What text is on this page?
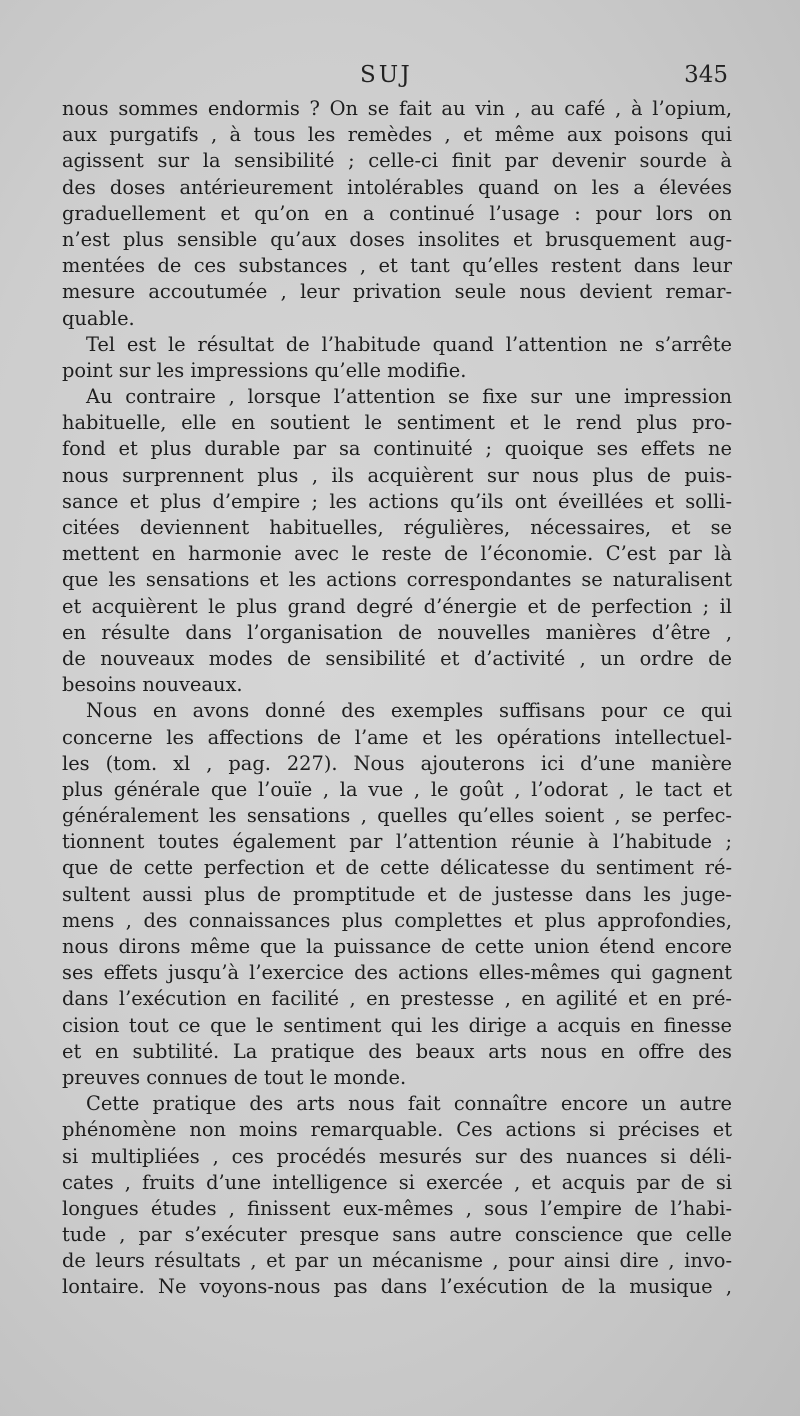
SUJ	345
nous sommes endormis ? On se fait au vin , au café , à l’opium,
aux purgatifs , à tous les remèdes , et même aux poisons qui
agissent sur la sensibilité ; celle-ci finit par devenir sourde à
des doses antérieurement intolérables quand on les a élevées
graduellement et qu’on en a continué l’usage : pour lors on
n’est plus sensible qu’aux doses insolites et brusquement aug-
mentées de ces substances , et tant qu’elles restent dans leur
mesure accoutumée , leur privation seule nous devient remar-
quable.
Tel est le résultat de l’habitude quand l’attention ne s’arrête
point sur les impressions qu’elle modifie.
Au contraire , lorsque l’attention se fixe sur une impression
habituelle, elle en soutient le sentiment et le rend plus pro-
fond et plus durable par sa continuité ; quoique ses effets ne
nous surprennent plus , ils acquièrent sur nous plus de puis-
sance et plus d’empire ; les actions qu’ils ont éveillées et solli-
citées deviennent habituelles, régulières, nécessaires, et se
mettent en harmonie avec le reste de l’économie. C’est par là
que les sensations et les actions correspondantes se naturalisent
et acquièrent le plus grand degré d’énergie et de perfection ; il
en résulte dans l’organisation de nouvelles manières d’être ,
de nouveaux modes de sensibilité et d’activité , un ordre de
besoins nouveaux.
Nous en avons donné des exemples suffisans pour ce qui
concerne les affections de l’ame et les opérations intellectuel-
les (tom. xl , pag. 227). Nous ajouterons ici d’une manière
plus générale que l’ouïe , la vue , le goût , l’odorat , le tact et
généralement les sensations , quelles qu’elles soient , se perfec-
tionnent toutes également par l’attention réunie à l’habitude ;
que de cette perfection et de cette délicatesse du sentiment ré-
sultent aussi plus de promptitude et de justesse dans les juge-
mens , des connaissances plus complettes et plus approfondies,
nous dirons même que la puissance de cette union étend encore
ses effets jusqu’à l’exercice des actions elles-mêmes qui gagnent
dans l’exécution en facilité , en prestesse , en agilité et en pré-
cision tout ce que le sentiment qui les dirige a acquis en finesse
et en subtilité. La pratique des beaux arts nous en offre des
preuves connues de tout le monde.
Cette pratique des arts nous fait connaître encore un autre
phénomène non moins remarquable. Ces actions si précises et
si multipliées , ces procédés mesurés sur des nuances si déli-
cates , fruits d’une intelligence si exercée , et acquis par de si
longues études , finissent eux-mêmes , sous l’empire de l’habi-
tude , par s’exécuter presque sans autre conscience que celle
de leurs résultats , et par un mécanisme , pour ainsi dire , invo-
lontaire. Ne voyons-nous pas dans l’exécution de la musique ,
